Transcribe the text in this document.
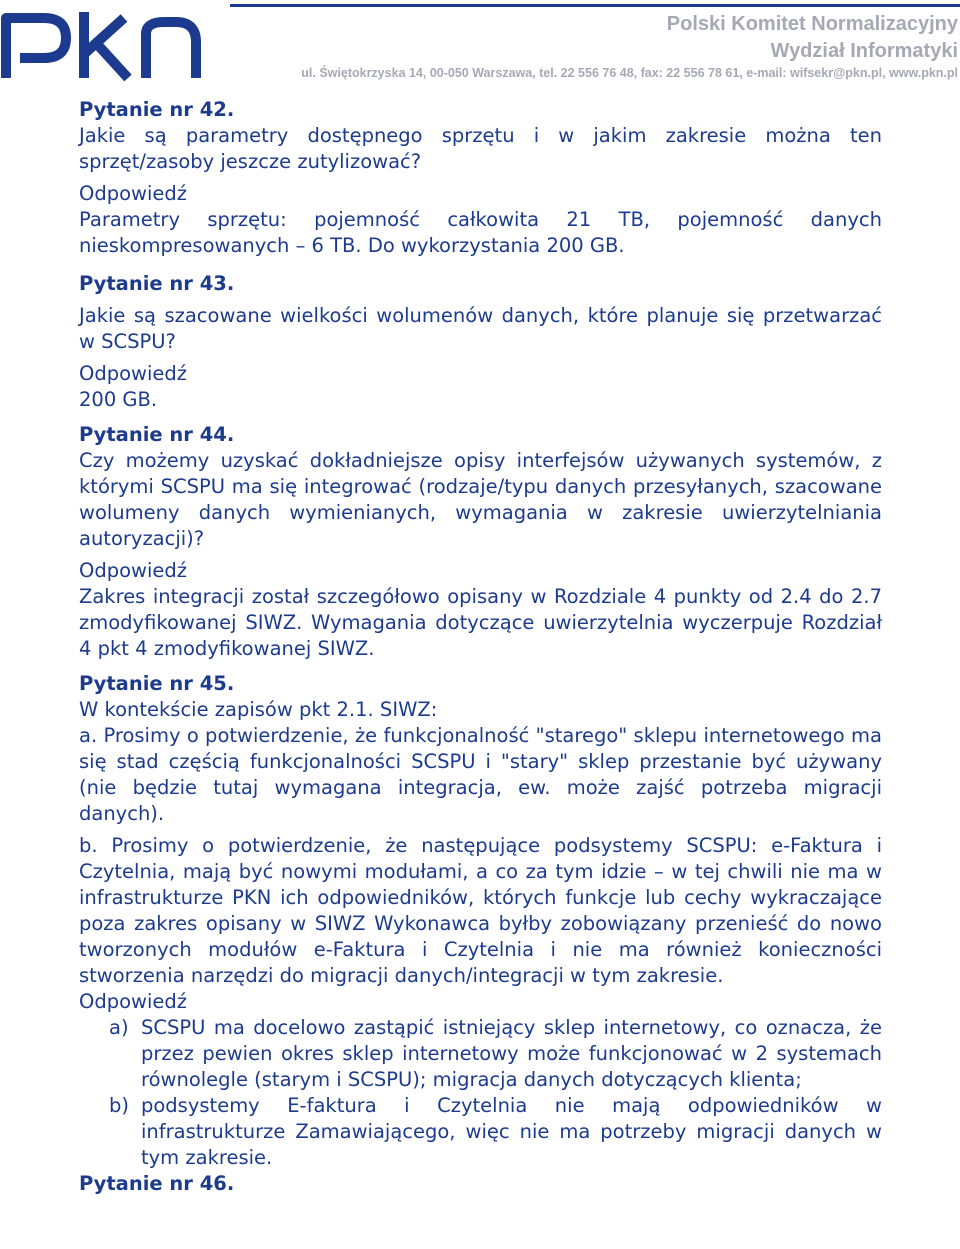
Polski Komitet Normalizacyjny

Wydział Informatyki

ul. Świętokrzyska 14, 00-050 Warszawa, tel. 22 556 76 48, fax: 22 556 78 61, e-mail: wifsekr@pkn.pl, www.pkn.pl

Pytanie nr 42.

Jakie są parametry dostępnego sprzętu i w jakim zakresie można ten sprzęt/zasoby jeszcze zutylizować?

Odpowiedź

Parametry sprzętu: pojemność całkowita 21 TB, pojemność danych nieskompresowanych – 6 TB. Do wykorzystania 200 GB.

Pytanie nr 43.

Jakie są szacowane wielkości wolumenów danych, które planuje się przetwarzać w SCSPU?

Odpowiedź

200 GB.

Pytanie nr 44.

Czy możemy uzyskać dokładniejsze opisy interfejsów używanych systemów, z którymi SCSPU ma się integrować (rodzaje/typu danych przesyłanych, szacowane wolumeny danych wymienianych, wymagania w zakresie uwierzytelniania autoryzacji)?

Odpowiedź

Zakres integracji został szczegółowo opisany w Rozdziale 4 punkty od 2.4 do 2.7 zmodyfikowanej SIWZ. Wymagania dotyczące uwierzytelnia wyczerpuje Rozdział 4 pkt 4 zmodyfikowanej SIWZ.

Pytanie nr 45.

W kontekście zapisów pkt 2.1. SIWZ:

a. Prosimy o potwierdzenie, że funkcjonalność "starego" sklepu internetowego ma się stad częścią funkcjonalności SCSPU i "stary" sklep przestanie być używany (nie będzie tutaj wymagana integracja, ew. może zajść potrzeba migracji danych).

b. Prosimy o potwierdzenie, że następujące podsystemy SCSPU: e-Faktura i Czytelnia, mają być nowymi modułami, a co za tym idzie – w tej chwili nie ma w infrastrukturze PKN ich odpowiedników, których funkcje lub cechy wykraczające poza zakres opisany w SIWZ Wykonawca byłby zobowiązany przenieść do nowo tworzonych modułów e-Faktura i Czytelnia i nie ma również konieczności stworzenia narzędzi do migracji danych/integracji w tym zakresie.

Odpowiedź

a) SCSPU ma docelowo zastąpić istniejący sklep internetowy, co oznacza, że przez pewien okres sklep internetowy może funkcjonować w 2 systemach równolegle (starym i SCSPU); migracja danych dotyczących klienta;
b) podsystemy E-faktura i Czytelnia nie mają odpowiedników w infrastrukturze Zamawiającego, więc nie ma potrzeby migracji danych w tym zakresie.

Pytanie nr 46.
